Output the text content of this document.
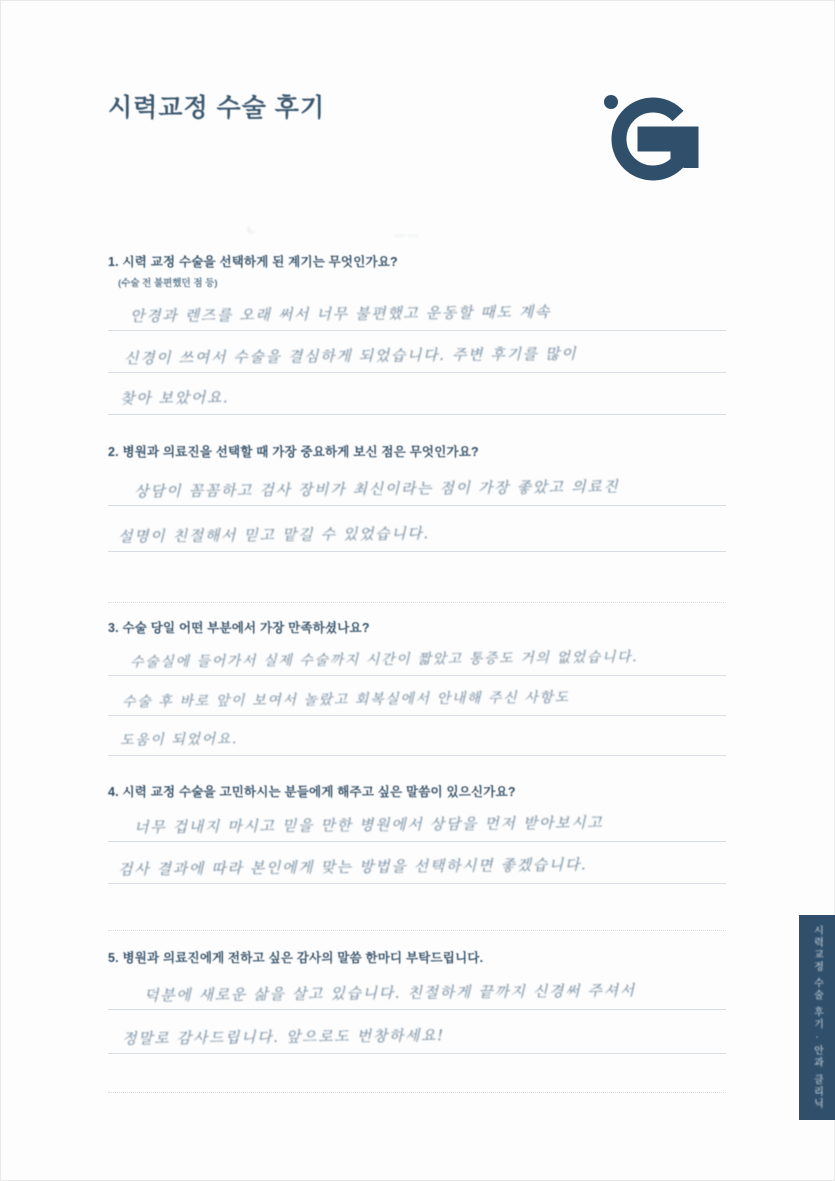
시력교정 수술 후기
ㄴ	ㅡ ㅡ
1. 시력 교정 수술을 선택하게 된 계기는 무엇인가요?
(수술 전 불편했던 점 등)
안경과 렌즈를 오래 써서 너무 불편했고 운동할 때도 계속
신경이 쓰여서 수술을 결심하게 되었습니다. 주변 후기를 많이
찾아 보았어요.
2. 병원과 의료진을 선택할 때 가장 중요하게 보신 점은 무엇인가요?
상담이 꼼꼼하고 검사 장비가 최신이라는 점이 가장 좋았고 의료진
설명이 친절해서 믿고 맡길 수 있었습니다.
3. 수술 당일 어떤 부분에서 가장 만족하셨나요?
수술실에 들어가서 실제 수술까지 시간이 짧았고 통증도 거의 없었습니다.
수술 후 바로 앞이 보여서 놀랐고 회복실에서 안내해 주신 사항도
도움이 되었어요.
4. 시력 교정 수술을 고민하시는 분들에게 해주고 싶은 말씀이 있으신가요?
너무 겁내지 마시고 믿을 만한 병원에서 상담을 먼저 받아보시고
검사 결과에 따라 본인에게 맞는 방법을 선택하시면 좋겠습니다.
5. 병원과 의료진에게 전하고 싶은 감사의 말씀 한마디 부탁드립니다.
덕분에 새로운 삶을 살고 있습니다. 친절하게 끝까지 신경써 주셔서
정말로 감사드립니다. 앞으로도 번창하세요!	시력교정 수술 후기 · 안과 클리닉
